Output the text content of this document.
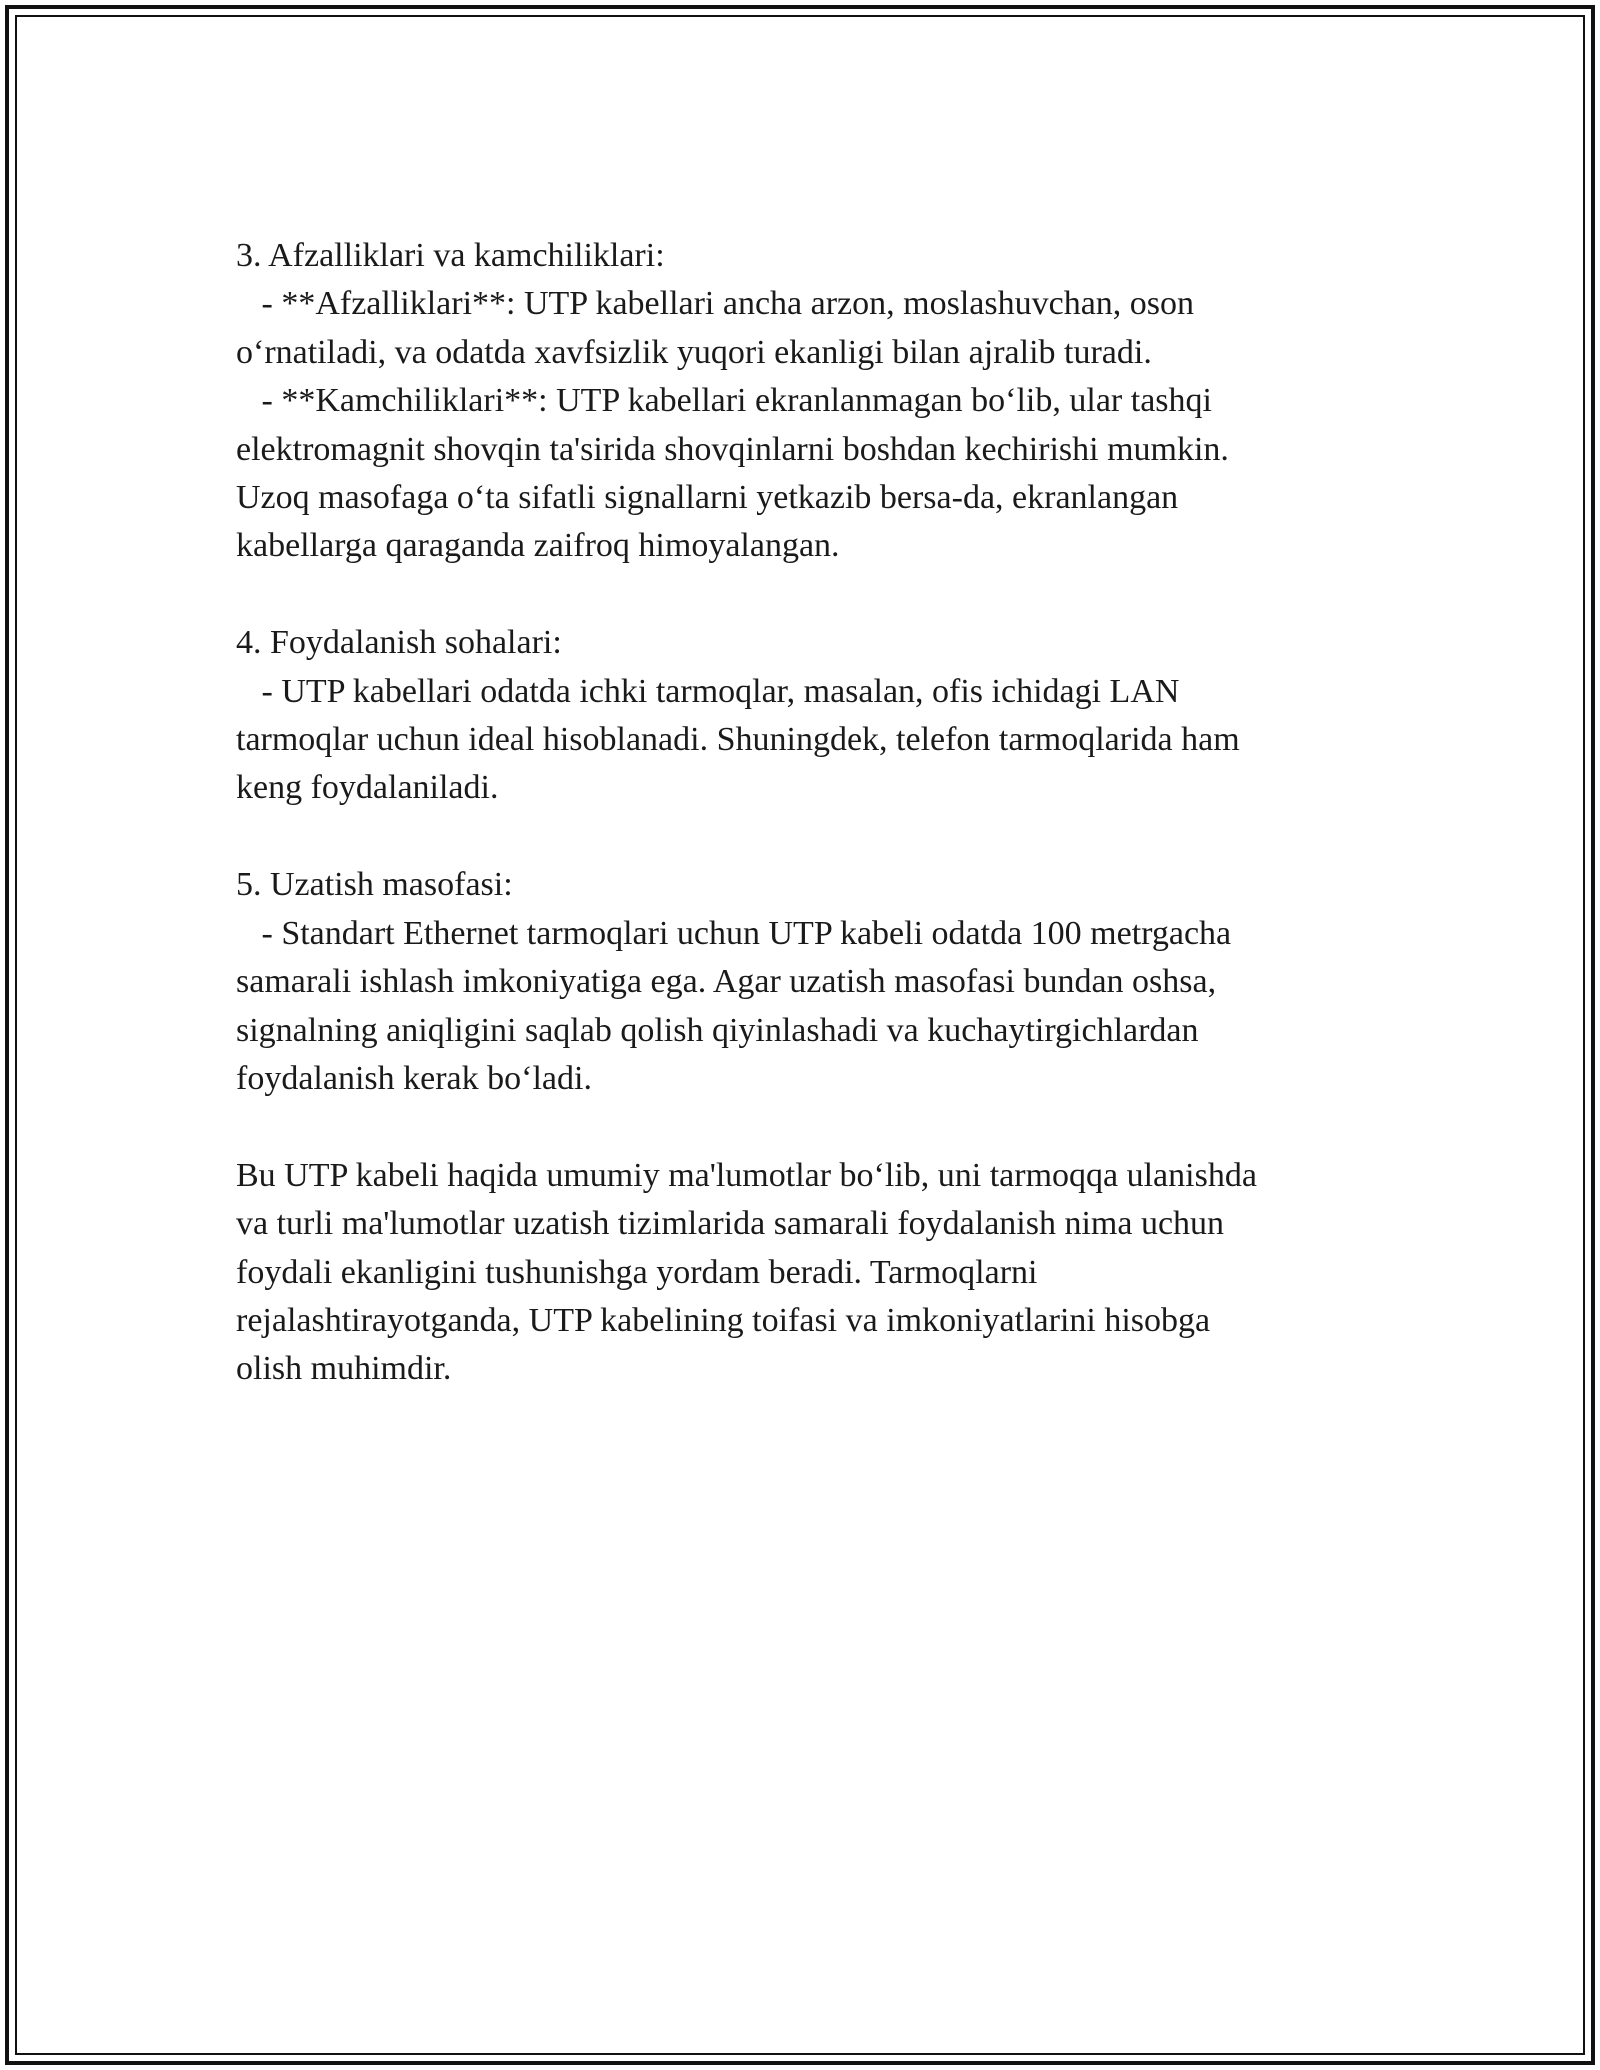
3. Afzalliklari va kamchiliklari:

- **Afzalliklari**: UTP kabellari ancha arzon, moslashuvchan, oson

o‘rnatiladi, va odatda xavfsizlik yuqori ekanligi bilan ajralib turadi.

- **Kamchiliklari**: UTP kabellari ekranlanmagan bo‘lib, ular tashqi

elektromagnit shovqin ta'sirida shovqinlarni boshdan kechirishi mumkin.

Uzoq masofaga o‘ta sifatli signallarni yetkazib bersa-da, ekranlangan

kabellarga qaraganda zaifroq himoyalangan.

4. Foydalanish sohalari:

- UTP kabellari odatda ichki tarmoqlar, masalan, ofis ichidagi LAN

tarmoqlar uchun ideal hisoblanadi. Shuningdek, telefon tarmoqlarida ham

keng foydalaniladi.

5. Uzatish masofasi:

- Standart Ethernet tarmoqlari uchun UTP kabeli odatda 100 metrgacha

samarali ishlash imkoniyatiga ega. Agar uzatish masofasi bundan oshsa,

signalning aniqligini saqlab qolish qiyinlashadi va kuchaytirgichlardan

foydalanish kerak bo‘ladi.

Bu UTP kabeli haqida umumiy ma'lumotlar bo‘lib, uni tarmoqqa ulanishda

va turli ma'lumotlar uzatish tizimlarida samarali foydalanish nima uchun

foydali ekanligini tushunishga yordam beradi. Tarmoqlarni

rejalashtirayotganda, UTP kabelining toifasi va imkoniyatlarini hisobga

olish muhimdir.
